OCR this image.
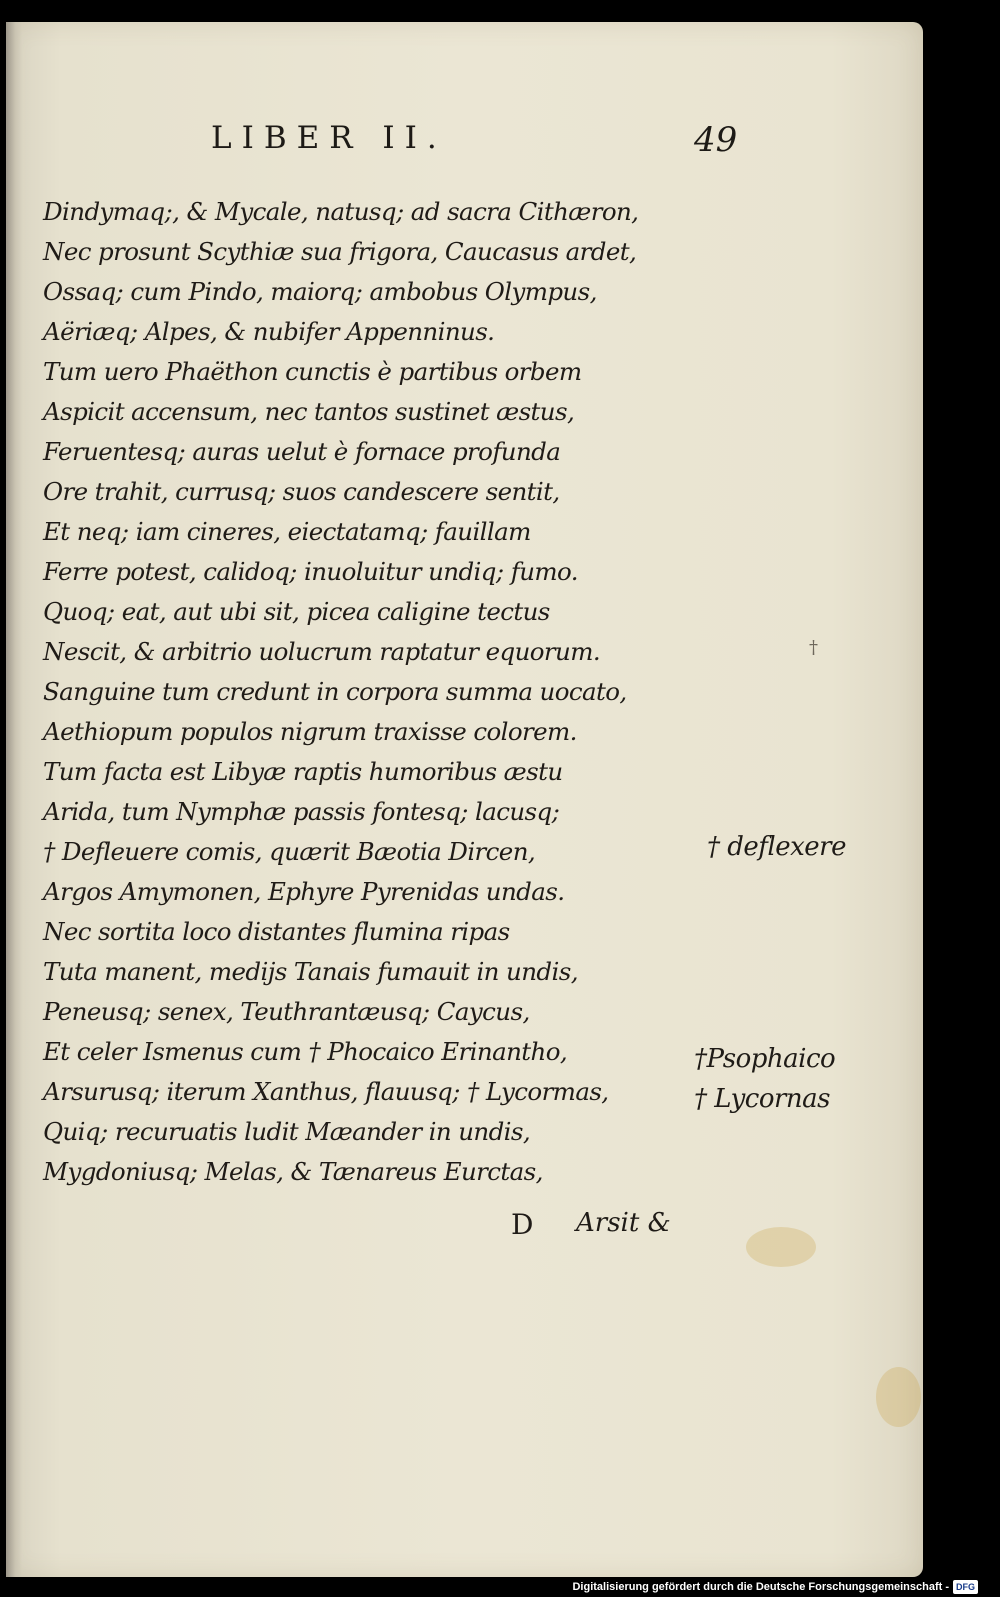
LIBER II.	49
Dindymaq;, & Mycale, natusq; ad sacra Cithæron,
Nec prosunt Scythiæ sua frigora, Caucasus ardet,
Ossaq; cum Pindo, maiorq; ambobus Olympus,
Aëriæq; Alpes, & nubifer Appenninus.
Tum uero Phaëthon cunctis è partibus orbem
Aspicit accensum, nec tantos sustinet æstus,
Feruentesq; auras uelut è fornace profunda
Ore trahit, currusq; suos candescere sentit,
Et neq; iam cineres, eiectatamq; fauillam
Ferre potest, calidoq; inuoluitur undiq; fumo.
Quoq; eat, aut ubi sit, picea caligine tectus
Nescit, & arbitrio uolucrum raptatur equorum.
Sanguine tum credunt in corpora summa uocato,
Aethiopum populos nigrum traxisse colorem.
Tum facta est Libyæ raptis humoribus æstu
Arida, tum Nymphæ passis fontesq; lacusq;
† Defleuere comis, quærit Bæotia Dircen,
Argos Amymonen, Ephyre Pyrenidas undas.
Nec sortita loco distantes flumina ripas
Tuta manent, medijs Tanais fumauit in undis,
Peneusq; senex, Teuthrantæusq; Caycus,
Et celer Ismenus cum † Phocaico Erinantho,
Arsurusq; iterum Xanthus, flauusq; † Lycormas,
Quiq; recuruatis ludit Mæander in undis,
Mygdoniusq; Melas, & Tænareus Eurctas,
†
† deflexere
†Psophaico
† Lycornas
D Arsit &
Digitalisierung gefördert durch die Deutsche Forschungsgemeinschaft - DFG
